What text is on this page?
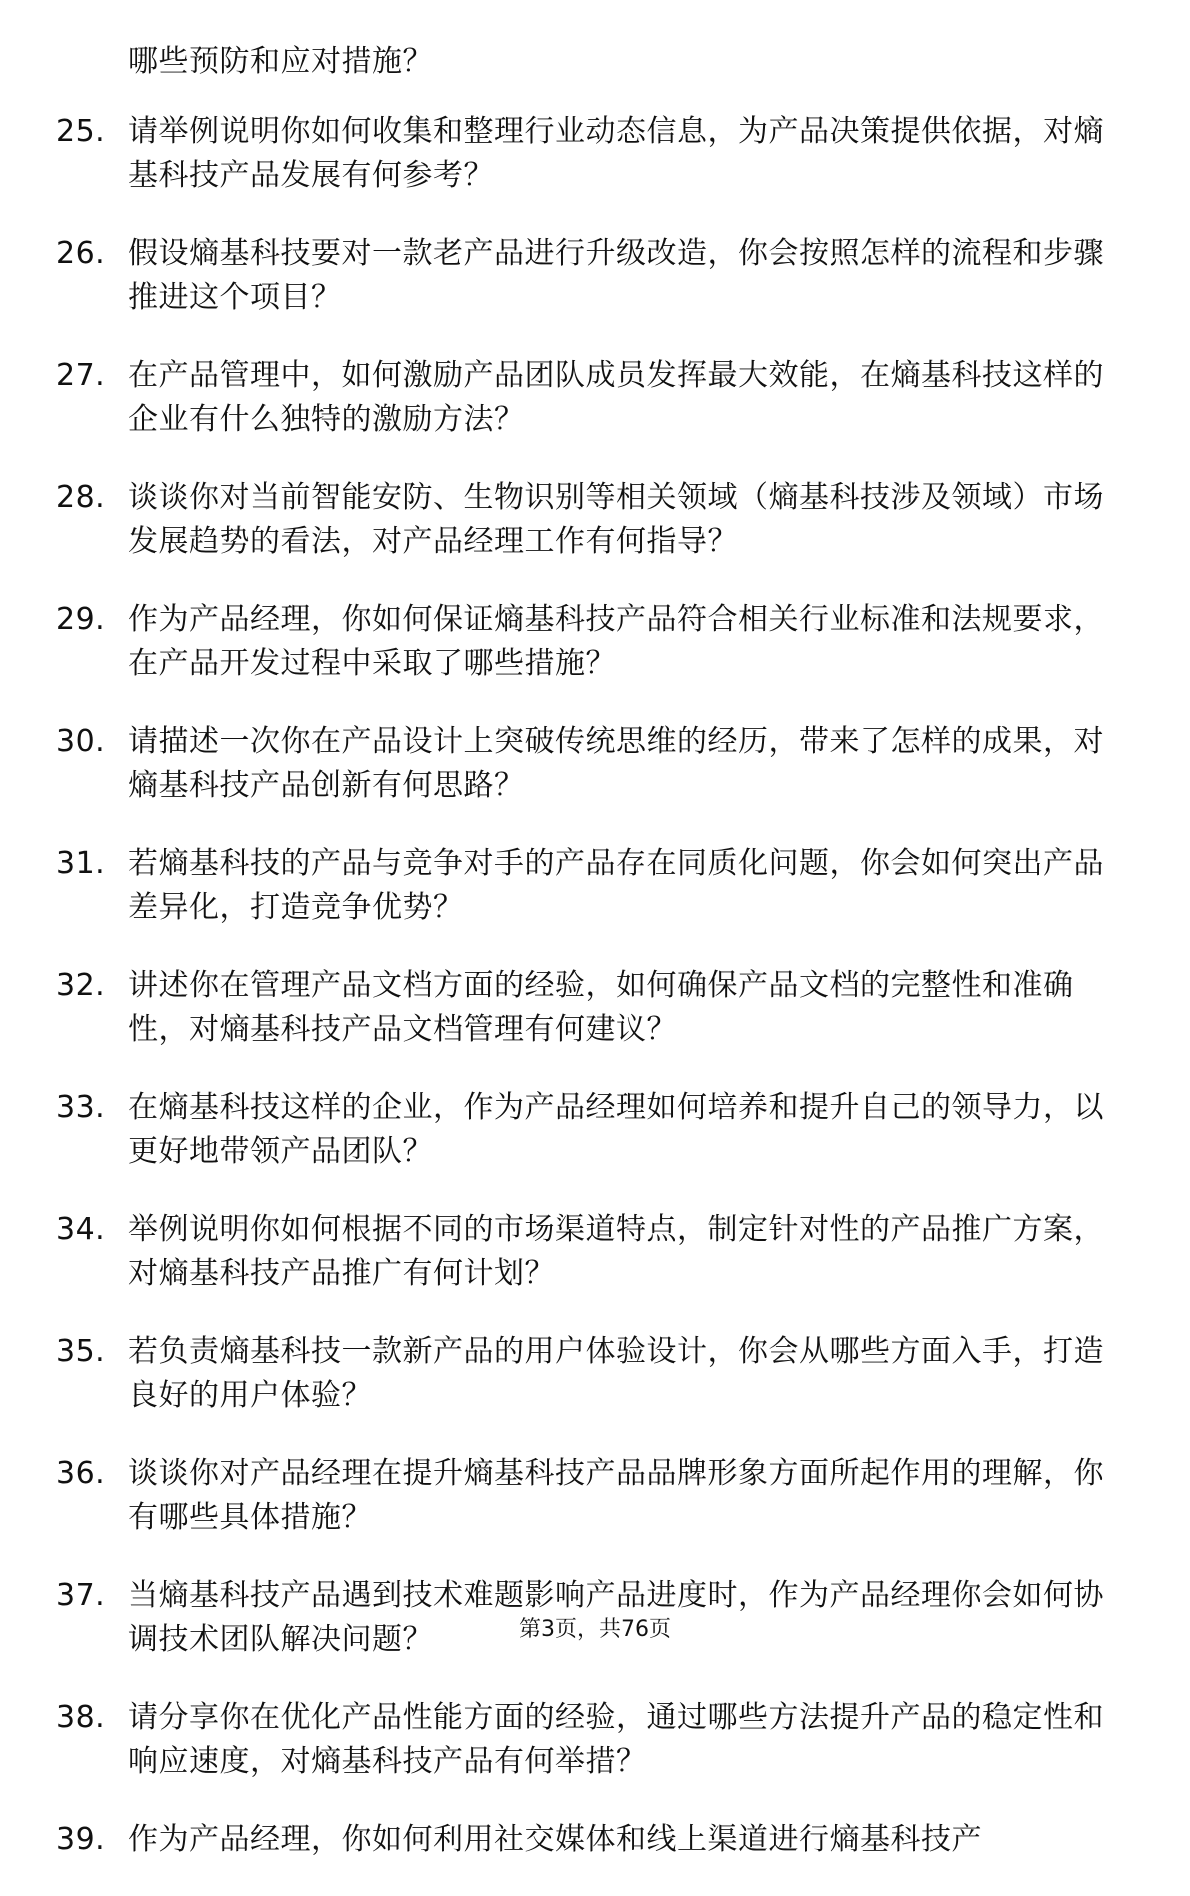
哪些预防和应对措施？
25. 请举例说明你如何收集和整理行业动态信息，为产品决策提供依据，对熵基科技产品发展有何参考？
26. 假设熵基科技要对一款老产品进行升级改造，你会按照怎样的流程和步骤推进这个项目？
27. 在产品管理中，如何激励产品团队成员发挥最大效能，在熵基科技这样的企业有什么独特的激励方法？
28. 谈谈你对当前智能安防、生物识别等相关领域（熵基科技涉及领域）市场发展趋势的看法，对产品经理工作有何指导？
29. 作为产品经理，你如何保证熵基科技产品符合相关行业标准和法规要求，在产品开发过程中采取了哪些措施？
30. 请描述一次你在产品设计上突破传统思维的经历，带来了怎样的成果，对熵基科技产品创新有何思路？
31. 若熵基科技的产品与竞争对手的产品存在同质化问题，你会如何突出产品差异化，打造竞争优势？
32. 讲述你在管理产品文档方面的经验，如何确保产品文档的完整性和准确性，对熵基科技产品文档管理有何建议？
33. 在熵基科技这样的企业，作为产品经理如何培养和提升自己的领导力，以更好地带领产品团队？
34. 举例说明你如何根据不同的市场渠道特点，制定针对性的产品推广方案，对熵基科技产品推广有何计划？
35. 若负责熵基科技一款新产品的用户体验设计，你会从哪些方面入手，打造良好的用户体验？
36. 谈谈你对产品经理在提升熵基科技产品品牌形象方面所起作用的理解，你有哪些具体措施？
37. 当熵基科技产品遇到技术难题影响产品进度时，作为产品经理你会如何协调技术团队解决问题？
38. 请分享你在优化产品性能方面的经验，通过哪些方法提升产品的稳定性和响应速度，对熵基科技产品有何举措？
39. 作为产品经理，你如何利用社交媒体和线上渠道进行熵基科技产
第3页，共76页
